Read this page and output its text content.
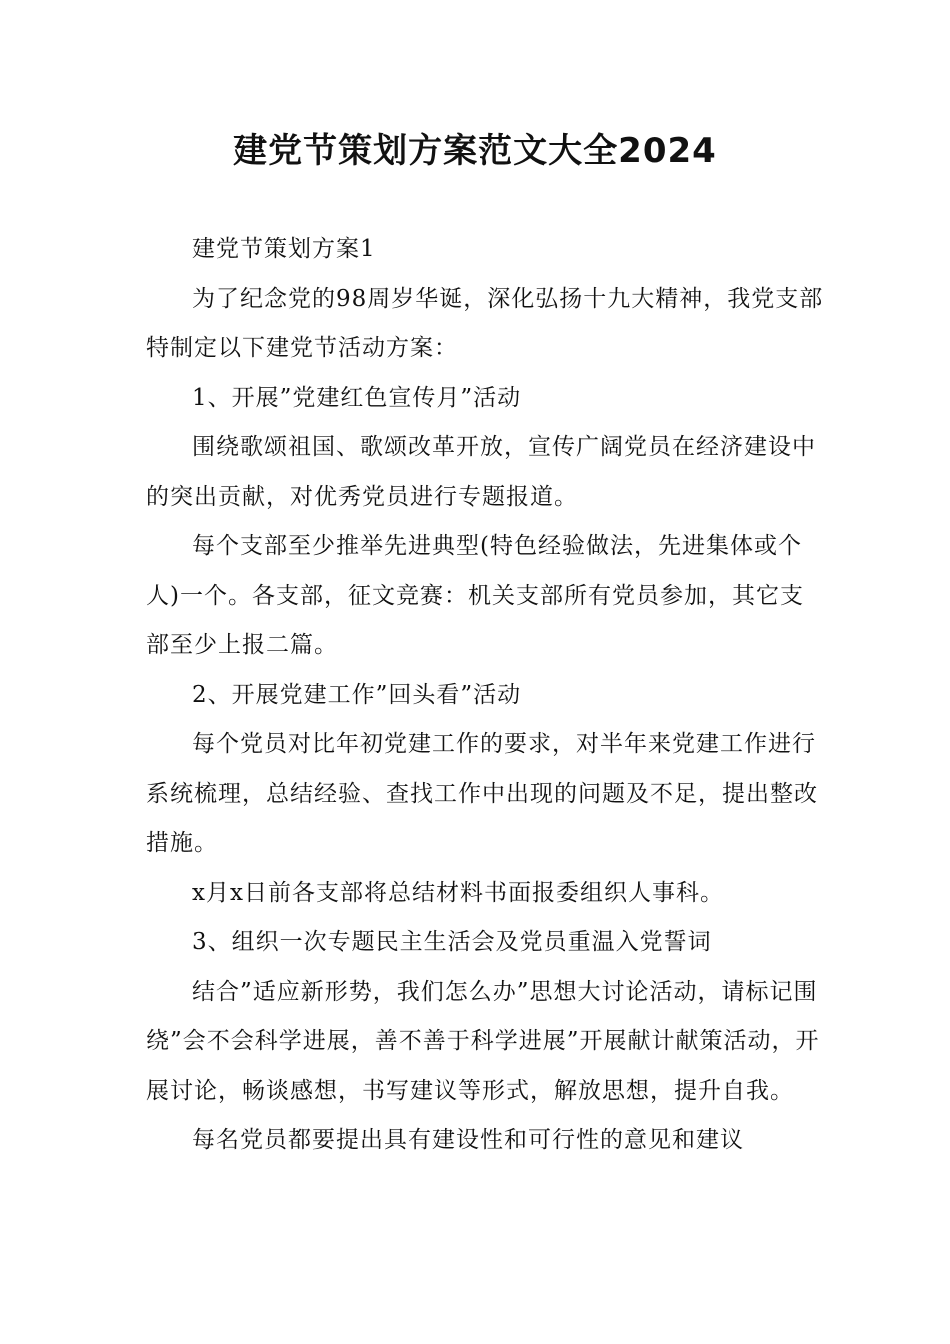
建党节策划方案范文大全2024

建党节策划方案1

为了纪念党的98周岁华诞，深化弘扬十九大精神，我党支部特制定以下建党节活动方案：

1、开展”党建红色宣传月”活动

围绕歌颂祖国、歌颂改革开放，宣传广阔党员在经济建设中的突出贡献，对优秀党员进行专题报道。

每个支部至少推举先进典型(特色经验做法，先进集体或个人)一个。各支部，征文竞赛：机关支部所有党员参加，其它支部至少上报二篇。

2、开展党建工作”回头看”活动

每个党员对比年初党建工作的要求，对半年来党建工作进行系统梳理，总结经验、查找工作中出现的问题及不足，提出整改措施。

x月x日前各支部将总结材料书面报委组织人事科。

3、组织一次专题民主生活会及党员重温入党誓词

结合”适应新形势，我们怎么办”思想大讨论活动，请标记围绕”会不会科学进展，善不善于科学进展”开展献计献策活动，开展讨论，畅谈感想，书写建议等形式，解放思想，提升自我。

每名党员都要提出具有建设性和可行性的意见和建议
